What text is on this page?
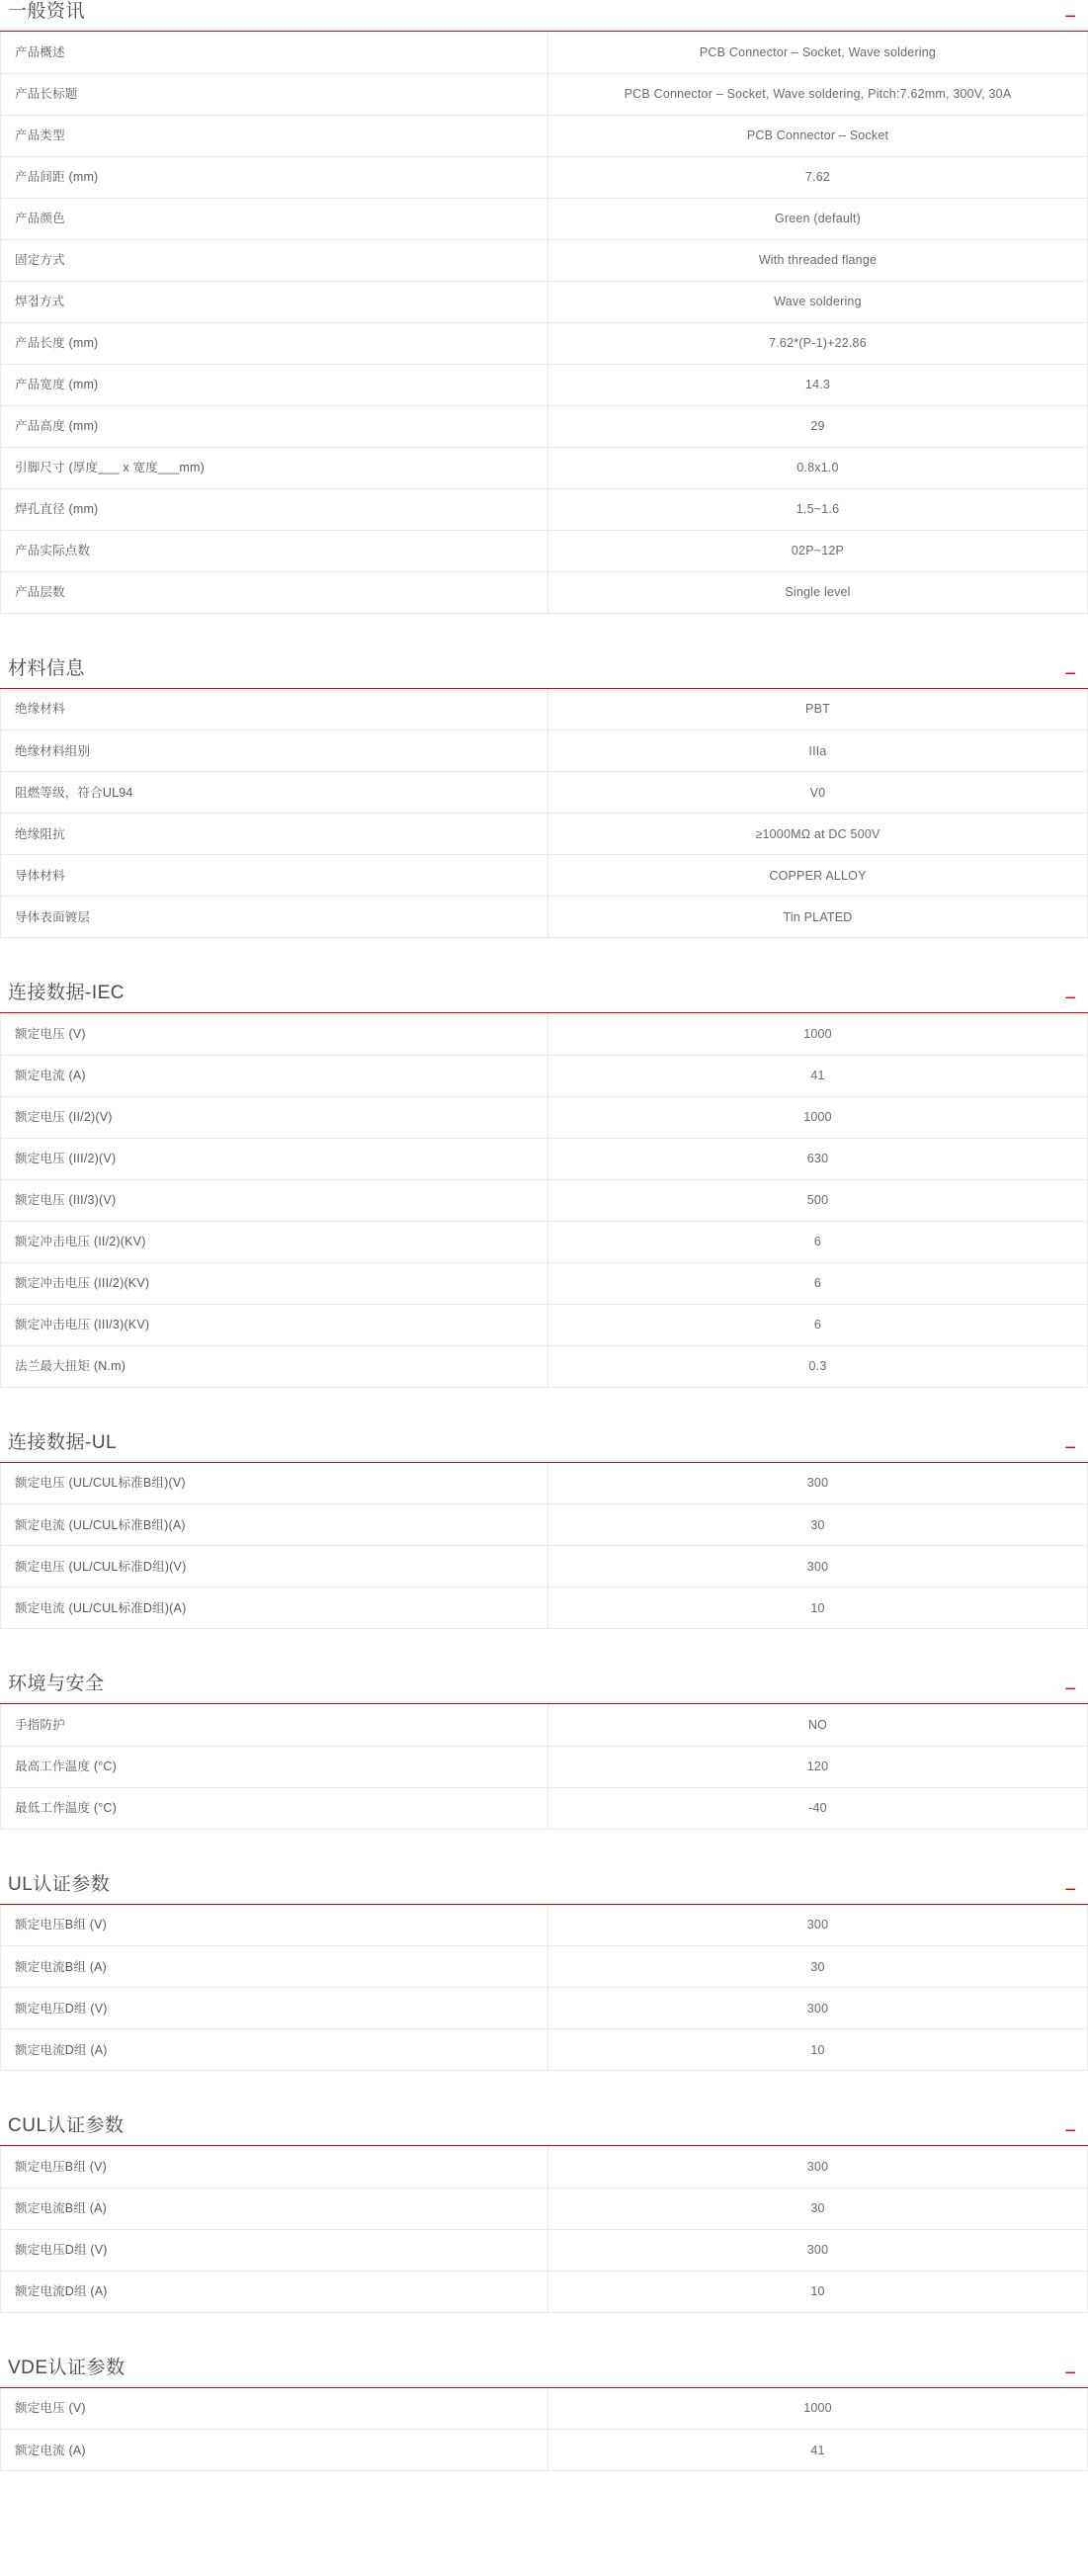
一般资讯	−
产品概述	PCB Connector – Socket, Wave soldering
产品长标题	PCB Connector – Socket, Wave soldering, Pitch:7.62mm, 300V, 30A
产品类型	PCB Connector – Socket
产品间距 (mm)	7.62
产品颜色	Green (default)
固定方式	With threaded flange
焊접方式	Wave soldering
产品长度 (mm)	7.62*(P-1)+22.86
产品宽度 (mm)	14.3
产品高度 (mm)	29
引脚尺寸 (厚度___ x 宽度___mm)	0.8x1.0
焊孔直径 (mm)	1.5~1.6
产品实际点数	02P~12P
产品层数	Single level
材料信息	−
绝缘材料	PBT
绝缘材料组别	IIIa
阻燃等级，符合UL94	V0
绝缘阻抗	≥1000MΩ at DC 500V
导体材料	COPPER ALLOY
导体表面镀层	Tin PLATED
连接数据-IEC	−
额定电压 (V)	1000
额定电流 (A)	41
额定电压 (II/2)(V)	1000
额定电压 (III/2)(V)	630
额定电压 (III/3)(V)	500
额定冲击电压 (II/2)(KV)	6
额定冲击电压 (III/2)(KV)	6
额定冲击电压 (III/3)(KV)	6
法兰最大扭矩 (N.m)	0.3
连接数据-UL	−
额定电压 (UL/CUL标准B组)(V)	300
额定电流 (UL/CUL标准B组)(A)	30
额定电压 (UL/CUL标准D组)(V)	300
额定电流 (UL/CUL标准D组)(A)	10
环境与安全	−
手指防护	NO
最高工作温度 (°C)	120
最低工作温度 (°C)	-40
UL认证参数	−
额定电压B组 (V)	300
额定电流B组 (A)	30
额定电压D组 (V)	300
额定电流D组 (A)	10
CUL认证参数	−
额定电压B组 (V)	300
额定电流B组 (A)	30
额定电压D组 (V)	300
额定电流D组 (A)	10
VDE认证参数	−
额定电压 (V)	1000
额定电流 (A)	41
